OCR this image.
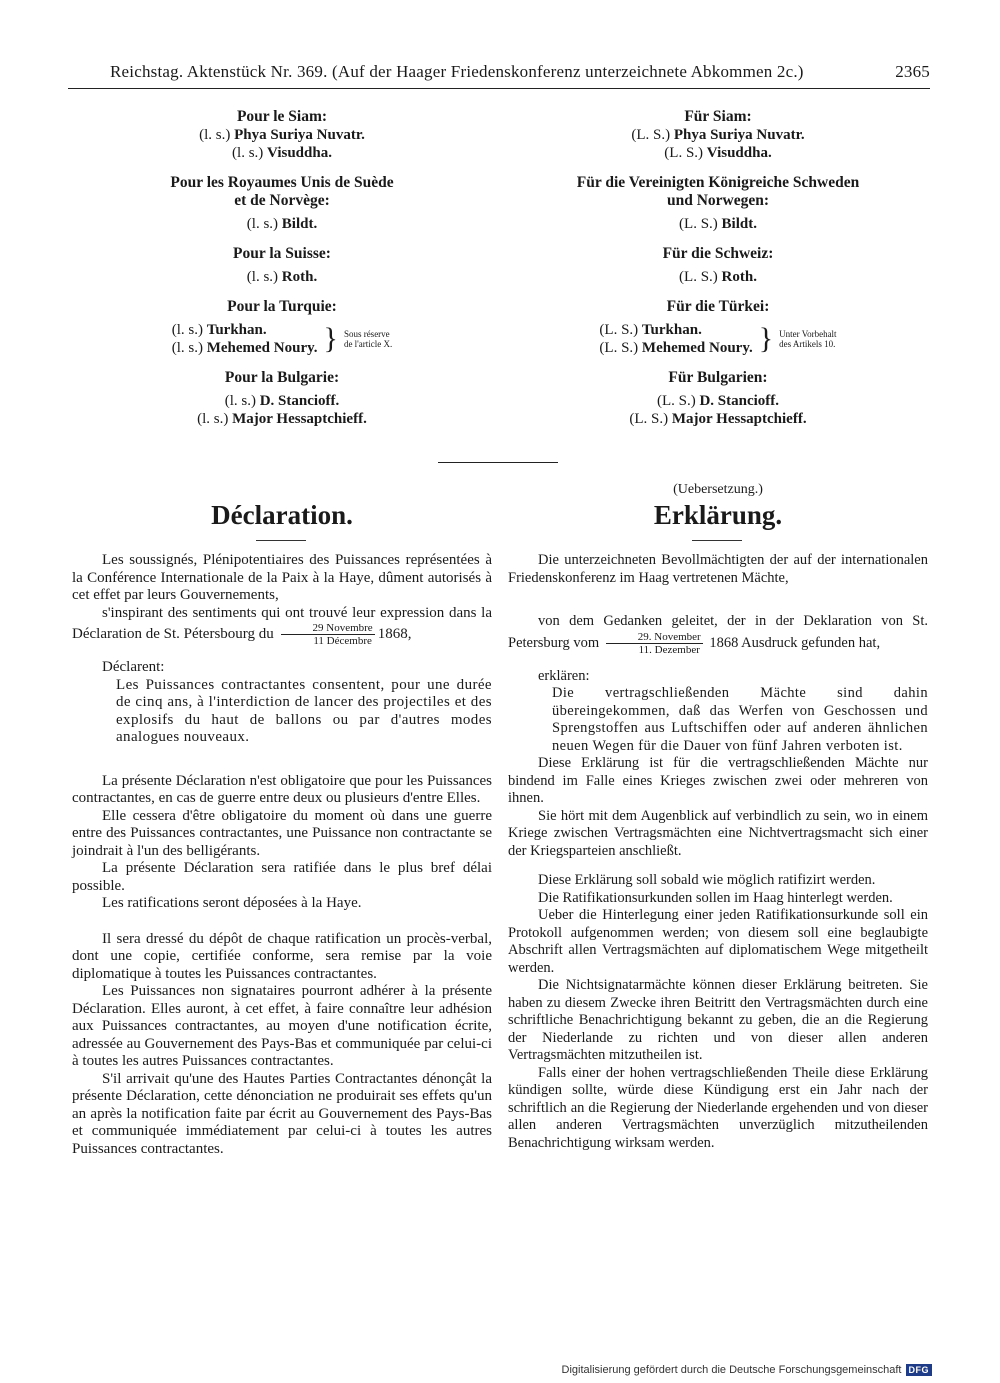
Reichstag. Aktenstück Nr. 369. (Auf der Haager Friedenskonferenz unterzeichnete Abkommen 2c.)	2365
Pour le Siam:
(l. s.) Phya Suriya Nuvatr.
(l. s.) Visuddha.
Pour les Royaumes Unis de Suède
et de Norvège:
(l. s.) Bildt.
Pour la Suisse:
(l. s.) Roth.
Pour la Turquie:
(l. s.) Turkhan.
(l. s.) Mehemed Noury. } Sous réserve
de l'article X.
Pour la Bulgarie:
(l. s.) D. Stancioff.
(l. s.) Major Hessaptchieff.
Für Siam:
(L. S.) Phya Suriya Nuvatr.
(L. S.) Visuddha.
Für die Vereinigten Königreiche Schweden
und Norwegen:
(L. S.) Bildt.
Für die Schweiz:
(L. S.) Roth.
Für die Türkei:
(L. S.) Turkhan.
(L. S.) Mehemed Noury. } Unter Vorbehalt
des Artikels 10.
Für Bulgarien:
(L. S.) D. Stancioff.
(L. S.) Major Hessaptchieff.
(Uebersetzung.)
Déclaration.	Erklärung.

Les soussignés, Plénipotentiaires des Puissances représentées à la Conférence Internationale de la Paix à la Haye, dûment autorisés à cet effet par leurs Gouvernements,

s'inspirant des sentiments qui ont trouvé leur expression dans la Déclaration de St. Pétersbourg du $\frac{\text{29 Novembre}}{\text{11 Décembre}} 1868$,

Déclarent:

Les Puissances contractantes consentent, pour une durée de cinq ans, à l'interdiction de lancer des projectiles et des explosifs du haut de ballons ou par d'autres modes analogues nouveaux.

La présente Déclaration n'est obligatoire que pour les Puissances contractantes, en cas de guerre entre deux ou plusieurs d'entre Elles.

Elle cessera d'être obligatoire du moment où dans une guerre entre des Puissances contractantes, une Puissance non contractante se joindrait à l'un des belligérants.

La présente Déclaration sera ratifiée dans le plus bref délai possible.

Les ratifications seront déposées à la Haye.

Il sera dressé du dépôt de chaque ratification un procès-verbal, dont une copie, certifiée conforme, sera remise par la voie diplomatique à toutes les Puissances contractantes.

Les Puissances non signataires pourront adhérer à la présente Déclaration. Elles auront, à cet effet, à faire connaître leur adhésion aux Puissances contractantes, au moyen d'une notification écrite, adressée au Gouvernement des Pays-Bas et communiquée par celui-ci à toutes les autres Puissances contractantes.

S'il arrivait qu'une des Hautes Parties Contractantes dénonçât la présente Déclaration, cette dénonciation ne produirait ses effets qu'un an après la notification faite par écrit au Gouvernement des Pays-Bas et communiquée immédiatement par celui-ci à toutes les autres Puissances contractantes.

Die unterzeichneten Bevollmächtigten der auf der internationalen Friedenskonferenz im Haag vertretenen Mächte,

von dem Gedanken geleitet, der in der Deklaration von St. Petersburg vom $\frac{\text{29. November}}{\text{11. Dezember}} 1868$ Ausdruck gefunden hat,

erklären:

Die vertragschließenden Mächte sind dahin übereingekommen, daß das Werfen von Geschossen und Sprengstoffen aus Luftschiffen oder auf anderen ähnlichen neuen Wegen für die Dauer von fünf Jahren verboten ist.

Diese Erklärung ist für die vertragschließenden Mächte nur bindend im Falle eines Krieges zwischen zwei oder mehreren von ihnen.

Sie hört mit dem Augenblick auf verbindlich zu sein, wo in einem Kriege zwischen Vertragsmächten eine Nichtvertragsmacht sich einer der Kriegsparteien anschließt.

Diese Erklärung soll sobald wie möglich ratifizirt werden.

Die Ratifikationsurkunden sollen im Haag hinterlegt werden.

Ueber die Hinterlegung einer jeden Ratifikationsurkunde soll ein Protokoll aufgenommen werden; von diesem soll eine beglaubigte Abschrift allen Vertragsmächten auf diplomatischem Wege mitgetheilt werden.

Die Nichtsignatarmächte können dieser Erklärung beitreten. Sie haben zu diesem Zwecke ihren Beitritt den Vertragsmächten durch eine schriftliche Benachrichtigung bekannt zu geben, die an die Regierung der Niederlande zu richten und von dieser allen anderen Vertragsmächten mitzutheilen ist.

Falls einer der hohen vertragschließenden Theile diese Erklärung kündigen sollte, würde diese Kündigung erst ein Jahr nach der schriftlich an die Regierung der Niederlande ergehenden und von dieser allen anderen Vertragsmächten unverzüglich mitzutheilenden Benachrichtigung wirksam werden.

Digitalisierung gefördert durch die Deutsche Forschungsgemeinschaft DFG
